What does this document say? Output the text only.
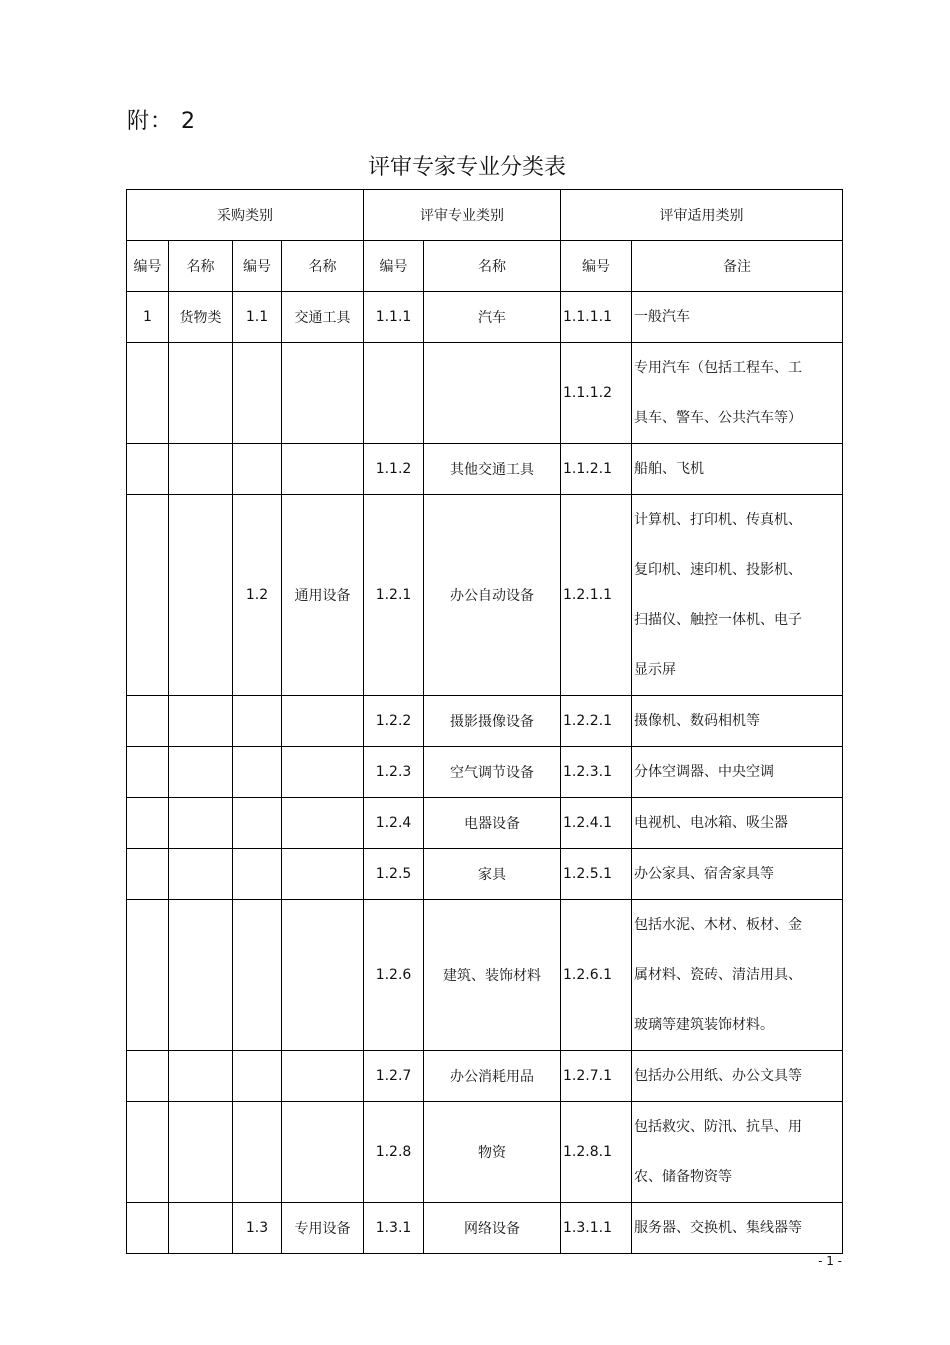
附： 2
评审专家专业分类表
采购类别				评审专业类别		评审适用类别	
编号	名称	编号	名称	编号	名称	编号	备注
1	货物类	1.1	交通工具	1.1.1	汽车	1.1.1.1	一般汽车

						1.1.1.2	专用汽车（包括工程车、工
具车、警车、公共汽车等）

				1.1.2	其他交通工具	1.1.2.1	船舶、飞机

		1.2	通用设备	1.2.1	办公自动设备	1.2.1.1	计算机、打印机、传真机、
复印机、速印机、投影机、
扫描仪、触控一体机、电子
显示屏

				1.2.2	摄影摄像设备	1.2.2.1	摄像机、数码相机等

				1.2.3	空气调节设备	1.2.3.1	分体空调器、中央空调

				1.2.4	电器设备	1.2.4.1	电视机、电冰箱、吸尘器

				1.2.5	家具	1.2.5.1	办公家具、宿舍家具等

				1.2.6	建筑、装饰材料	1.2.6.1	包括水泥、木材、板材、金
属材料、瓷砖、清洁用具、
玻璃等建筑装饰材料。

				1.2.7	办公消耗用品	1.2.7.1	包括办公用纸、办公文具等

				1.2.8	物资	1.2.8.1	包括救灾、防汛、抗旱、用
农、储备物资等

		1.3	专用设备	1.3.1	网络设备	1.3.1.1	服务器、交换机、集线器等
- 1 -
